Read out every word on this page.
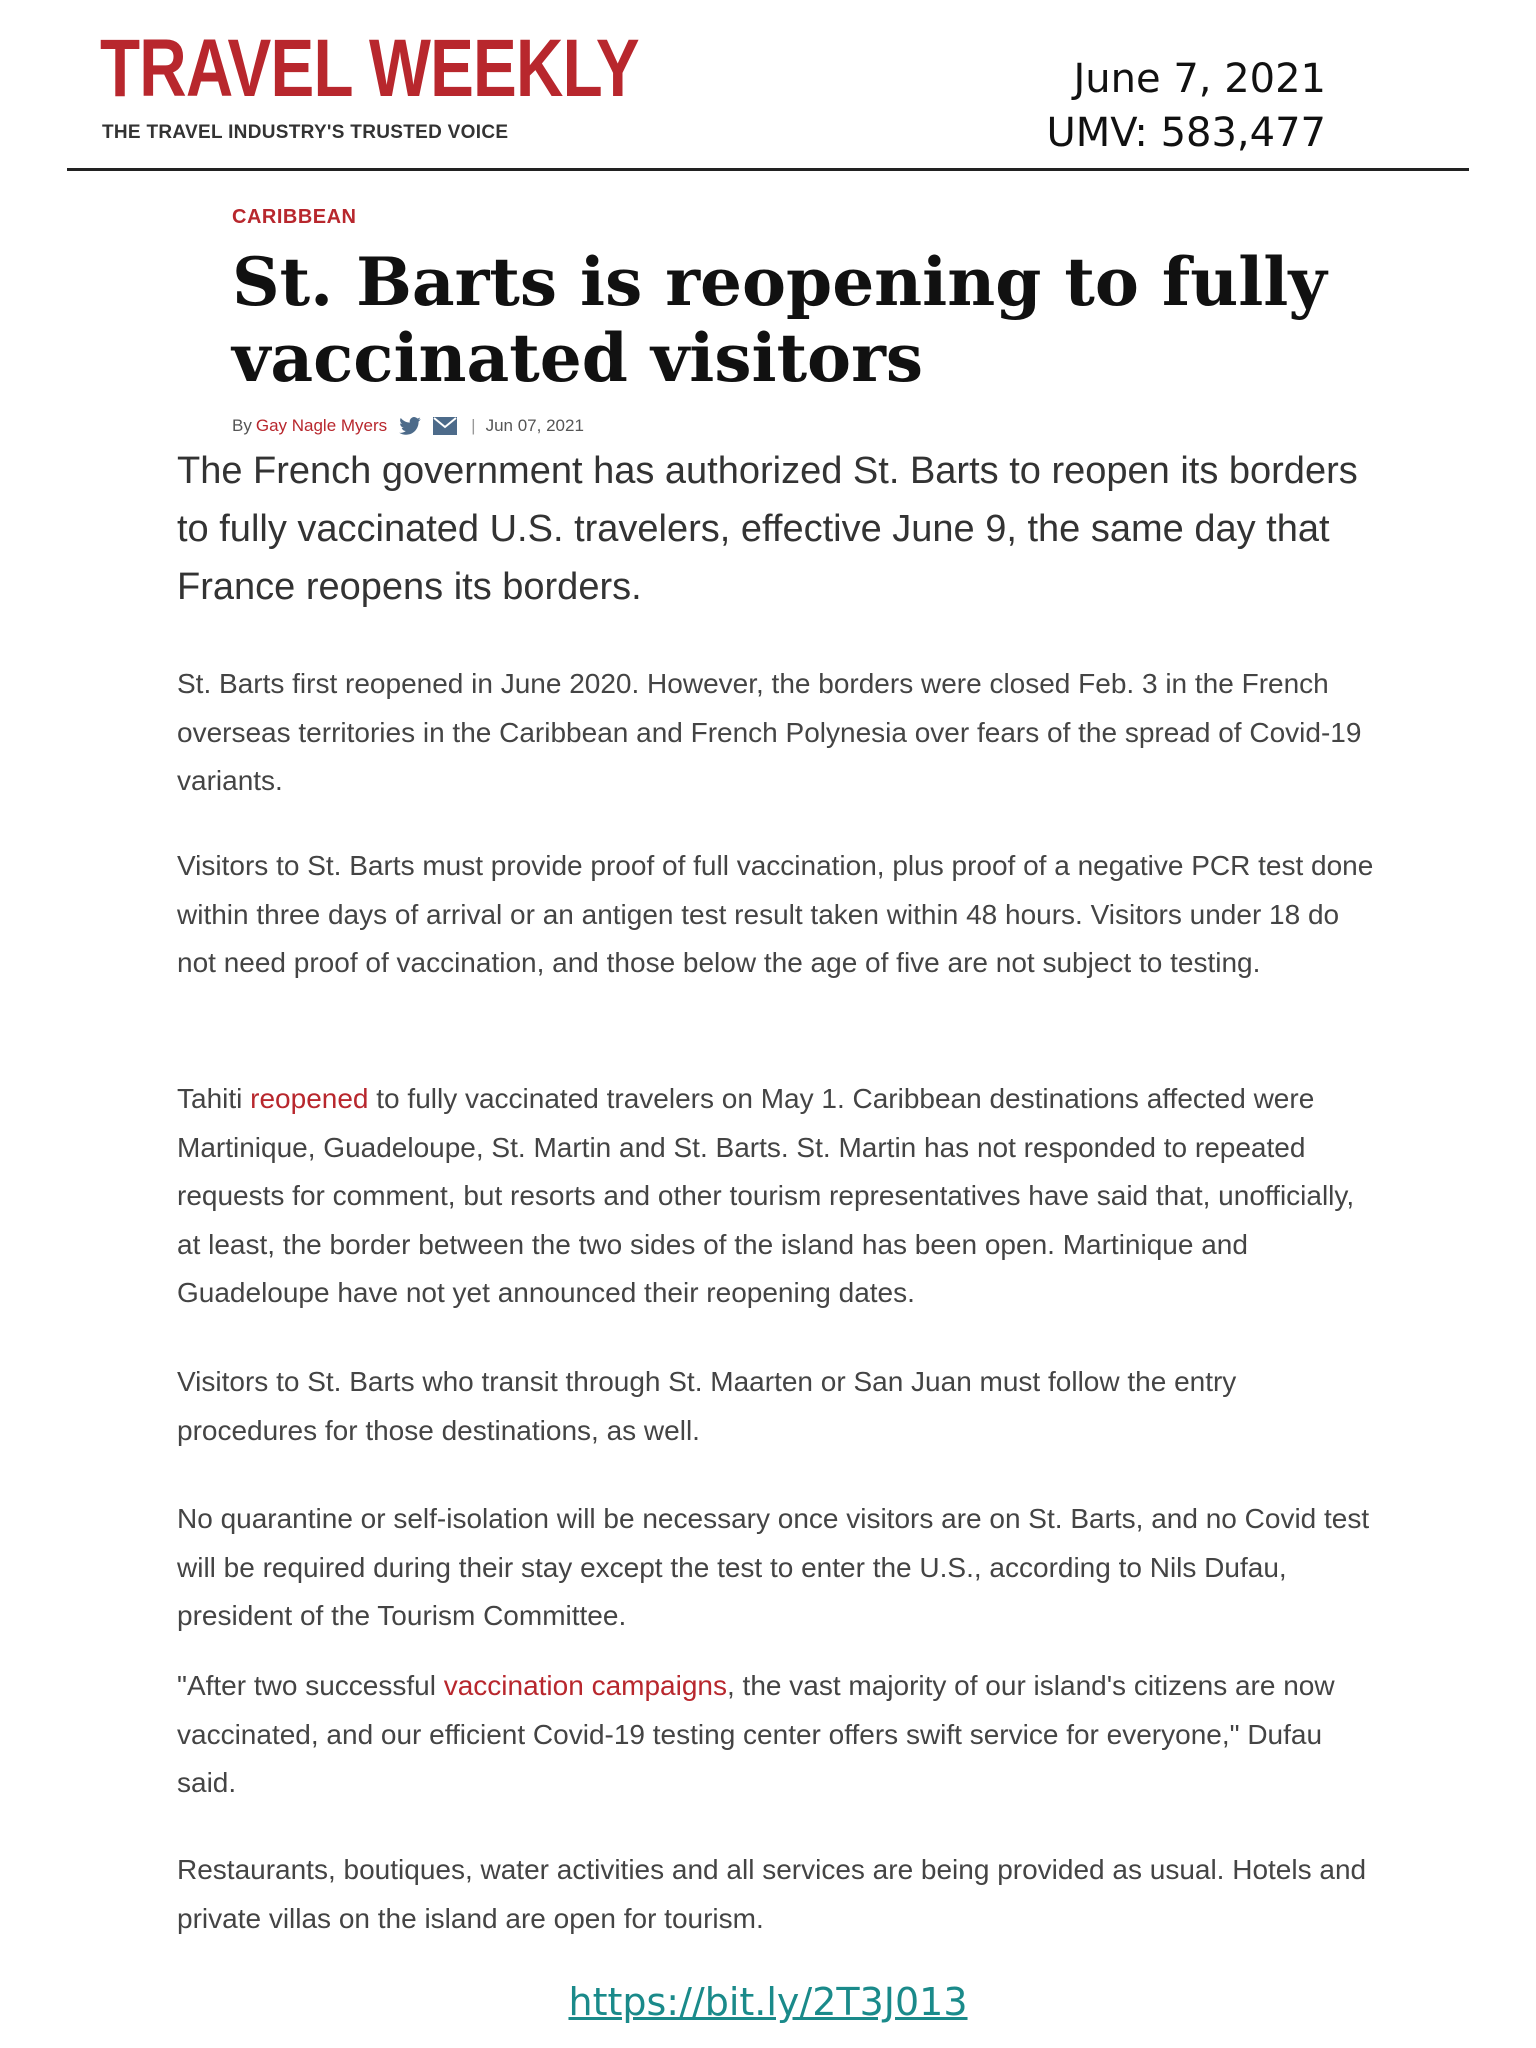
TRAVEL WEEKLY
THE TRAVEL INDUSTRY'S TRUSTED VOICE
June 7, 2021
UMV: 583,477
CARIBBEAN
St. Barts is reopening to fully vaccinated visitors
By Gay Nagle Myers	| Jun 07, 2021

The French government has authorized St. Barts to reopen its borders to fully vaccinated U.S. travelers, effective June 9, the same day that France reopens its borders.

St. Barts first reopened in June 2020. However, the borders were closed Feb. 3 in the French overseas territories in the Caribbean and French Polynesia over fears of the spread of Covid-19 variants.

Visitors to St. Barts must provide proof of full vaccination, plus proof of a negative PCR test done within three days of arrival or an antigen test result taken within 48 hours. Visitors under 18 do not need proof of vaccination, and those below the age of five are not subject to testing.

Tahiti reopened to fully vaccinated travelers on May 1. Caribbean destinations affected were Martinique, Guadeloupe, St. Martin and St. Barts. St. Martin has not responded to repeated requests for comment, but resorts and other tourism representatives have said that, unofficially, at least, the border between the two sides of the island has been open. Martinique and Guadeloupe have not yet announced their reopening dates.

Visitors to St. Barts who transit through St. Maarten or San Juan must follow the entry procedures for those destinations, as well.

No quarantine or self-isolation will be necessary once visitors are on St. Barts, and no Covid test will be required during their stay except the test to enter the U.S., according to Nils Dufau, president of the Tourism Committee.

"After two successful vaccination campaigns, the vast majority of our island's citizens are now vaccinated, and our efficient Covid-19 testing center offers swift service for everyone," Dufau said.

Restaurants, boutiques, water activities and all services are being provided as usual. Hotels and private villas on the island are open for tourism.

https://bit.ly/2T3J013
